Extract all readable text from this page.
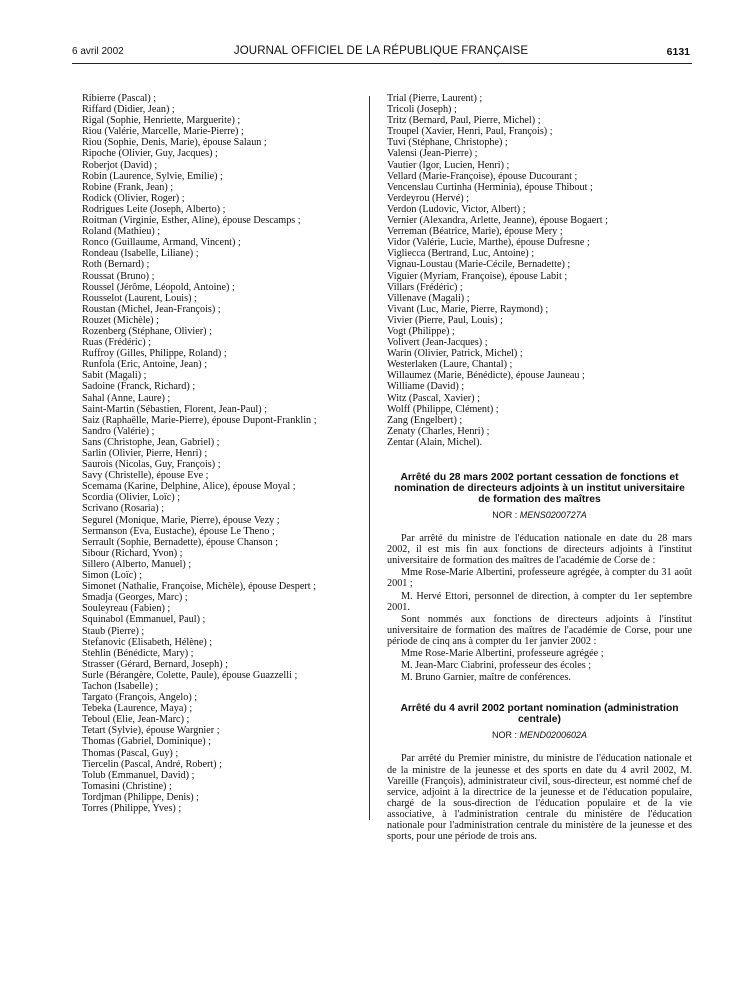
6 avril 2002	JOURNAL OFFICIEL DE LA RÉPUBLIQUE FRANÇAISE	6131
Ribierre (Pascal) ;
Riffard (Didier, Jean) ;
Rigal (Sophie, Henriette, Marguerite) ;
Riou (Valérie, Marcelle, Marie-Pierre) ;
Riou (Sophie, Denis, Marie), épouse Salaun ;
Ripoche (Olivier, Guy, Jacques) ;
Roberjot (David) ;
Robin (Laurence, Sylvie, Emilie) ;
Robine (Frank, Jean) ;
Rodick (Olivier, Roger) ;
Rodrigues Leite (Joseph, Alberto) ;
Roitman (Virginie, Esther, Aline), épouse Descamps ;
Roland (Mathieu) ;
Ronco (Guillaume, Armand, Vincent) ;
Rondeau (Isabelle, Liliane) ;
Roth (Bernard) ;
Roussat (Bruno) ;
Roussel (Jérôme, Léopold, Antoine) ;
Rousselot (Laurent, Louis) ;
Roustan (Michel, Jean-François) ;
Rouzet (Michèle) ;
Rozenberg (Stéphane, Olivier) ;
Ruas (Frédéric) ;
Ruffroy (Gilles, Philippe, Roland) ;
Runfola (Eric, Antoine, Jean) ;
Sabit (Magali) ;
Sadoine (Franck, Richard) ;
Sahal (Anne, Laure) ;
Saint-Martin (Sébastien, Florent, Jean-Paul) ;
Saiz (Raphaëlle, Marie-Pierre), épouse Dupont-Franklin ;
Sandro (Valérie) ;
Sans (Christophe, Jean, Gabriel) ;
Sarlin (Olivier, Pierre, Henri) ;
Saurois (Nicolas, Guy, François) ;
Savy (Christelle), épouse Eve ;
Scemama (Karine, Delphine, Alice), épouse Moyal ;
Scordia (Olivier, Loïc) ;
Scrivano (Rosaria) ;
Segurel (Monique, Marie, Pierre), épouse Vezy ;
Sermanson (Eva, Eustache), épouse Le Theno ;
Serrault (Sophie, Bernadette), épouse Chanson ;
Sibour (Richard, Yvon) ;
Sillero (Alberto, Manuel) ;
Simon (Loïc) ;
Simonet (Nathalie, Françoise, Michèle), épouse Despert ;
Smadja (Georges, Marc) ;
Souleyreau (Fabien) ;
Squinabol (Emmanuel, Paul) ;
Staub (Pierre) ;
Stefanovic (Elisabeth, Hélène) ;
Stehlin (Bénédicte, Mary) ;
Strasser (Gérard, Bernard, Joseph) ;
Surle (Bérangère, Colette, Paule), épouse Guazzelli ;
Tachon (Isabelle) ;
Targato (François, Angelo) ;
Tebeka (Laurence, Maya) ;
Teboul (Elie, Jean-Marc) ;
Tetart (Sylvie), épouse Wargnier ;
Thomas (Gabriel, Dominique) ;
Thomas (Pascal, Guy) ;
Tiercelin (Pascal, André, Robert) ;
Tolub (Emmanuel, David) ;
Tomasini (Christine) ;
Tordjman (Philippe, Denis) ;
Torres (Philippe, Yves) ;
Trial (Pierre, Laurent) ;
Tricoli (Joseph) ;
Tritz (Bernard, Paul, Pierre, Michel) ;
Troupel (Xavier, Henri, Paul, François) ;
Tuvi (Stéphane, Christophe) ;
Valensi (Jean-Pierre) ;
Vautier (Igor, Lucien, Henri) ;
Vellard (Marie-Françoise), épouse Ducourant ;
Vencenslau Curtinha (Herminia), épouse Thibout ;
Verdeyrou (Hervé) ;
Verdon (Ludovic, Victor, Albert) ;
Vernier (Alexandra, Arlette, Jeanne), épouse Bogaert ;
Verreman (Béatrice, Marie), épouse Mery ;
Vidor (Valérie, Lucie, Marthe), épouse Dufresne ;
Vigliecca (Bertrand, Luc, Antoine) ;
Vignau-Loustau (Marie-Cécile, Bernadette) ;
Viguier (Myriam, Françoise), épouse Labit ;
Villars (Frédéric) ;
Villenave (Magali) ;
Vivant (Luc, Marie, Pierre, Raymond) ;
Vivier (Pierre, Paul, Louis) ;
Vogt (Philippe) ;
Volivert (Jean-Jacques) ;
Warin (Olivier, Patrick, Michel) ;
Westerlaken (Laure, Chantal) ;
Willaumez (Marie, Bénédicte), épouse Jauneau ;
Williame (David) ;
Witz (Pascal, Xavier) ;
Wolff (Philippe, Clément) ;
Zang (Engelbert) ;
Zenaty (Charles, Henri) ;
Zentar (Alain, Michel).
Arrêté du 28 mars 2002 portant cessation de fonctions et nomination de directeurs adjoints à un institut universitaire de formation des maîtres
NOR : MENS0200727A

Par arrêté du ministre de l'éducation nationale en date du 28 mars 2002, il est mis fin aux fonctions de directeurs adjoints à l'institut universitaire de formation des maîtres de l'académie de Corse de :

Mme Rose-Marie Albertini, professeure agrégée, à compter du 31 août 2001 ;

M. Hervé Ettori, personnel de direction, à compter du 1er septembre 2001.

Sont nommés aux fonctions de directeurs adjoints à l'institut universitaire de formation des maîtres de l'académie de Corse, pour une période de cinq ans à compter du 1er janvier 2002 :

Mme Rose-Marie Albertini, professeure agrégée ;

M. Jean-Marc Ciabrini, professeur des écoles ;

M. Bruno Garnier, maître de conférences.

Arrêté du 4 avril 2002 portant nomination (administration centrale)
NOR : MEND0200602A

Par arrêté du Premier ministre, du ministre de l'éducation nationale et de la ministre de la jeunesse et des sports en date du 4 avril 2002, M. Vareille (François), administrateur civil, sous-directeur, est nommé chef de service, adjoint à la directrice de la jeunesse et de l'éducation populaire, chargé de la sous-direction de l'éducation populaire et de la vie associative, à l'administration centrale du ministère de l'éducation nationale pour l'administration centrale du ministère de la jeunesse et des sports, pour une période de trois ans.
